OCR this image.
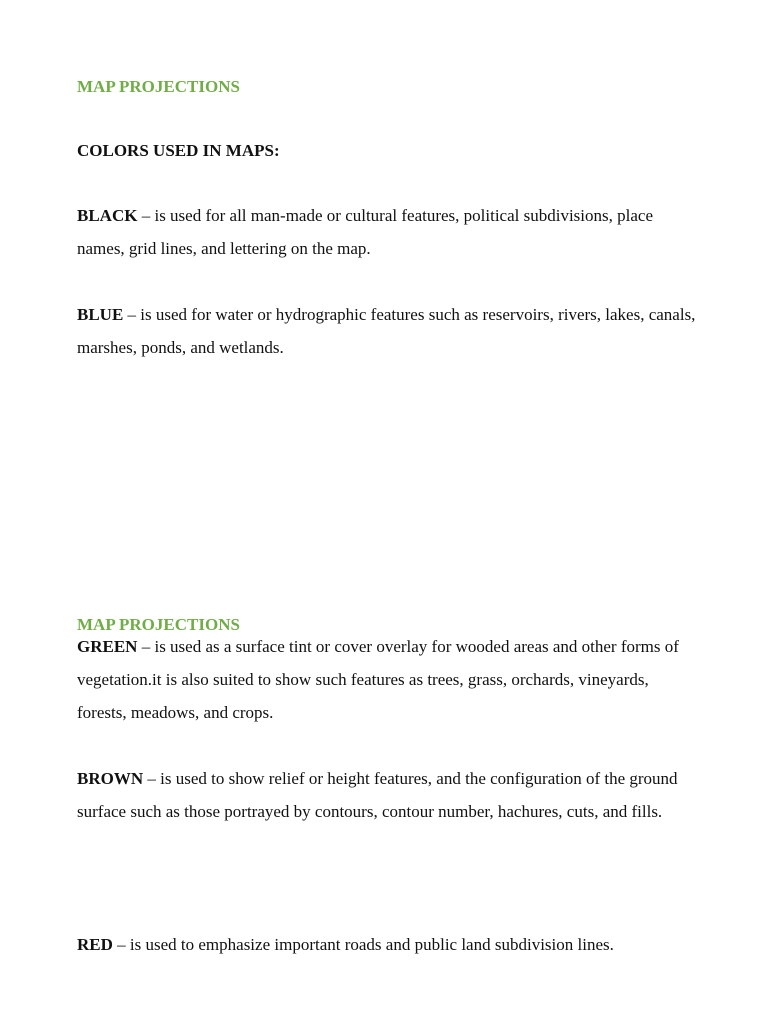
MAP PROJECTIONS
COLORS USED IN MAPS:
BLACK – is used for all man-made or cultural features, political subdivisions, place names, grid lines, and lettering on the map.
BLUE – is used for water or hydrographic features such as reservoirs, rivers, lakes, canals, marshes, ponds, and wetlands.
MAP PROJECTIONS
GREEN – is used as a surface tint or cover overlay for wooded areas and other forms of vegetation.it is also suited to show such features as trees, grass, orchards, vineyards, forests, meadows, and crops.
BROWN – is used to show relief or height features, and the configuration of the ground surface such as those portrayed by contours, contour number, hachures, cuts, and fills.
RED – is used to emphasize important roads and public land subdivision lines.
